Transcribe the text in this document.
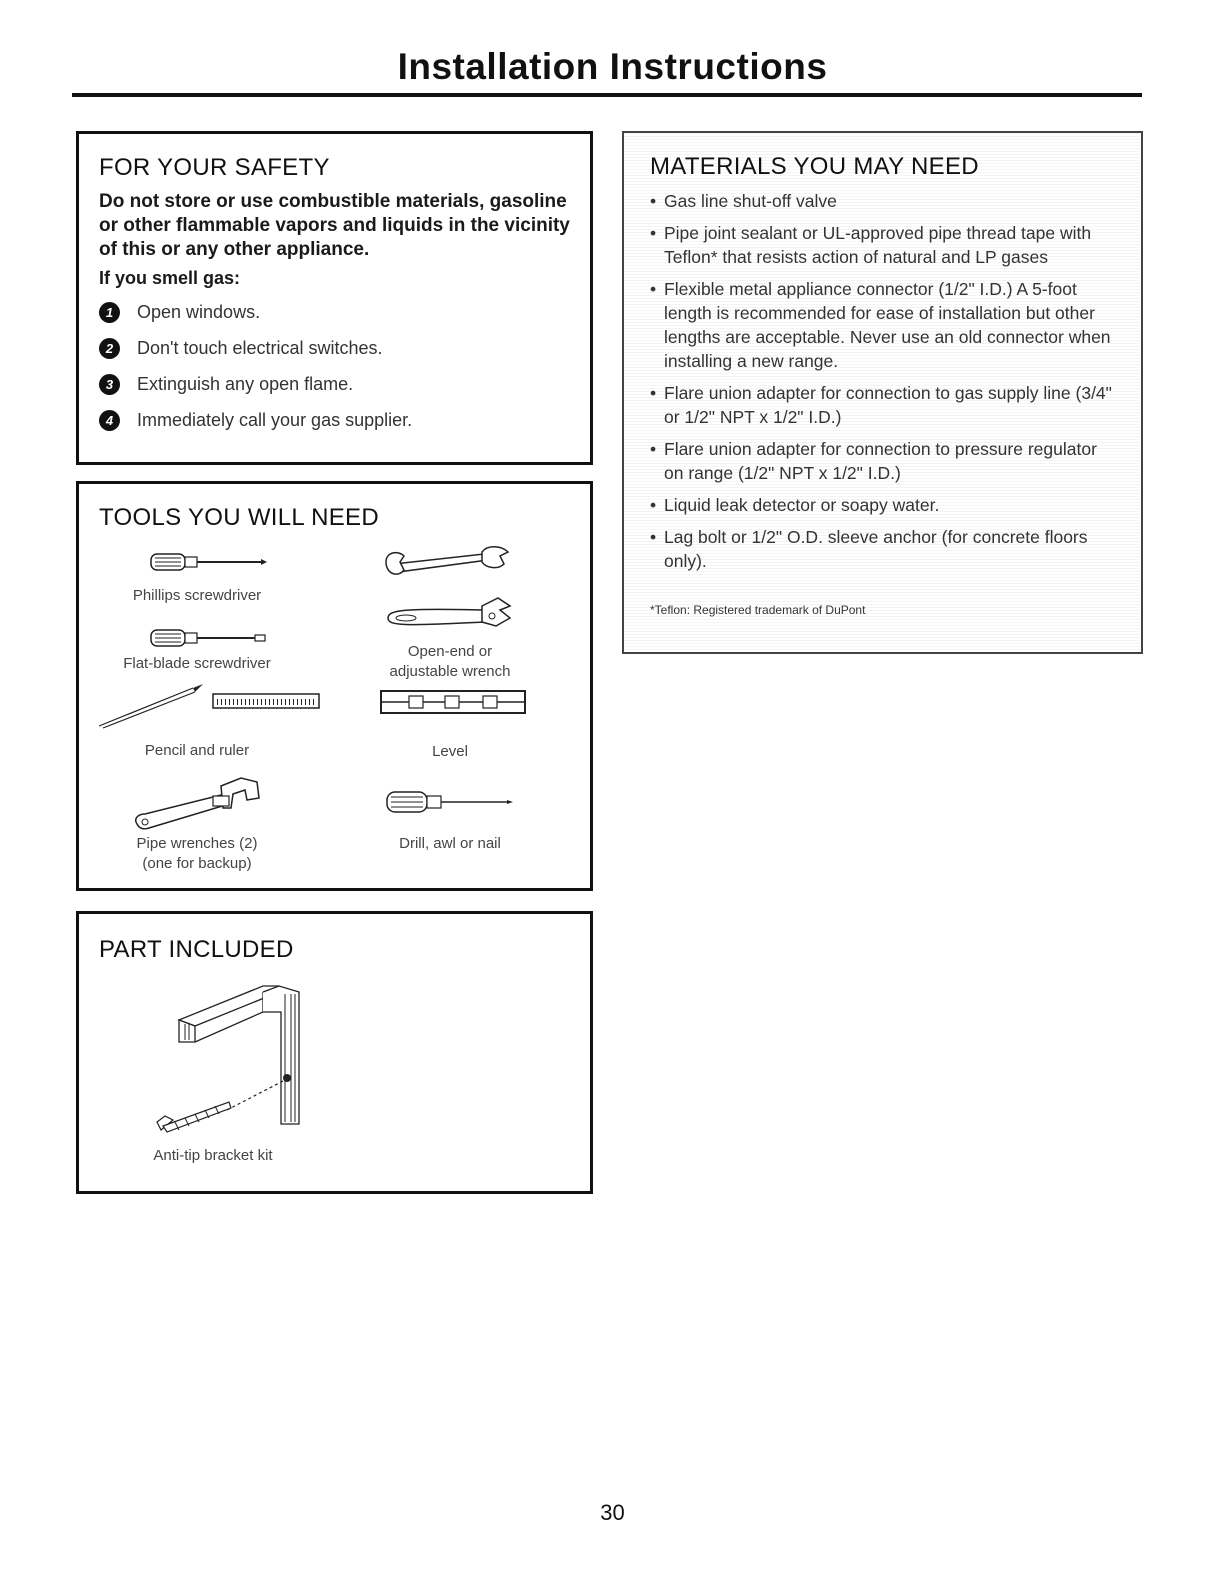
Installation Instructions
FOR YOUR SAFETY
Do not store or use combustible materials, gasoline or other flammable vapors and liquids in the vicinity of this or any other appliance.
If you smell gas:
1	Open windows.
2	Don't touch electrical switches.
3	Extinguish any open flame.
4	Immediately call your gas supplier.
TOOLS YOU WILL NEED
Phillips screwdriver
Flat-blade screwdriver
Open-end or
adjustable wrench
Pencil and ruler	Level
Pipe wrenches (2)
(one for backup)
Drill, awl or nail
PART INCLUDED
Anti-tip bracket kit
MATERIALS YOU MAY NEED
• Gas line shut-off valve
• Pipe joint sealant or UL-approved pipe thread tape with Teflon* that resists action of natural and LP gases
• Flexible metal appliance connector (1/2" I.D.) A 5-foot length is recommended for ease of installation but other lengths are acceptable. Never use an old connector when installing a new range.
• Flare union adapter for connection to gas supply line (3/4" or 1/2" NPT x 1/2" I.D.)
• Flare union adapter for connection to pressure regulator on range (1/2" NPT x 1/2" I.D.)
• Liquid leak detector or soapy water.
• Lag bolt or 1/2" O.D. sleeve anchor (for concrete floors only).
*Teflon: Registered trademark of DuPont
30
